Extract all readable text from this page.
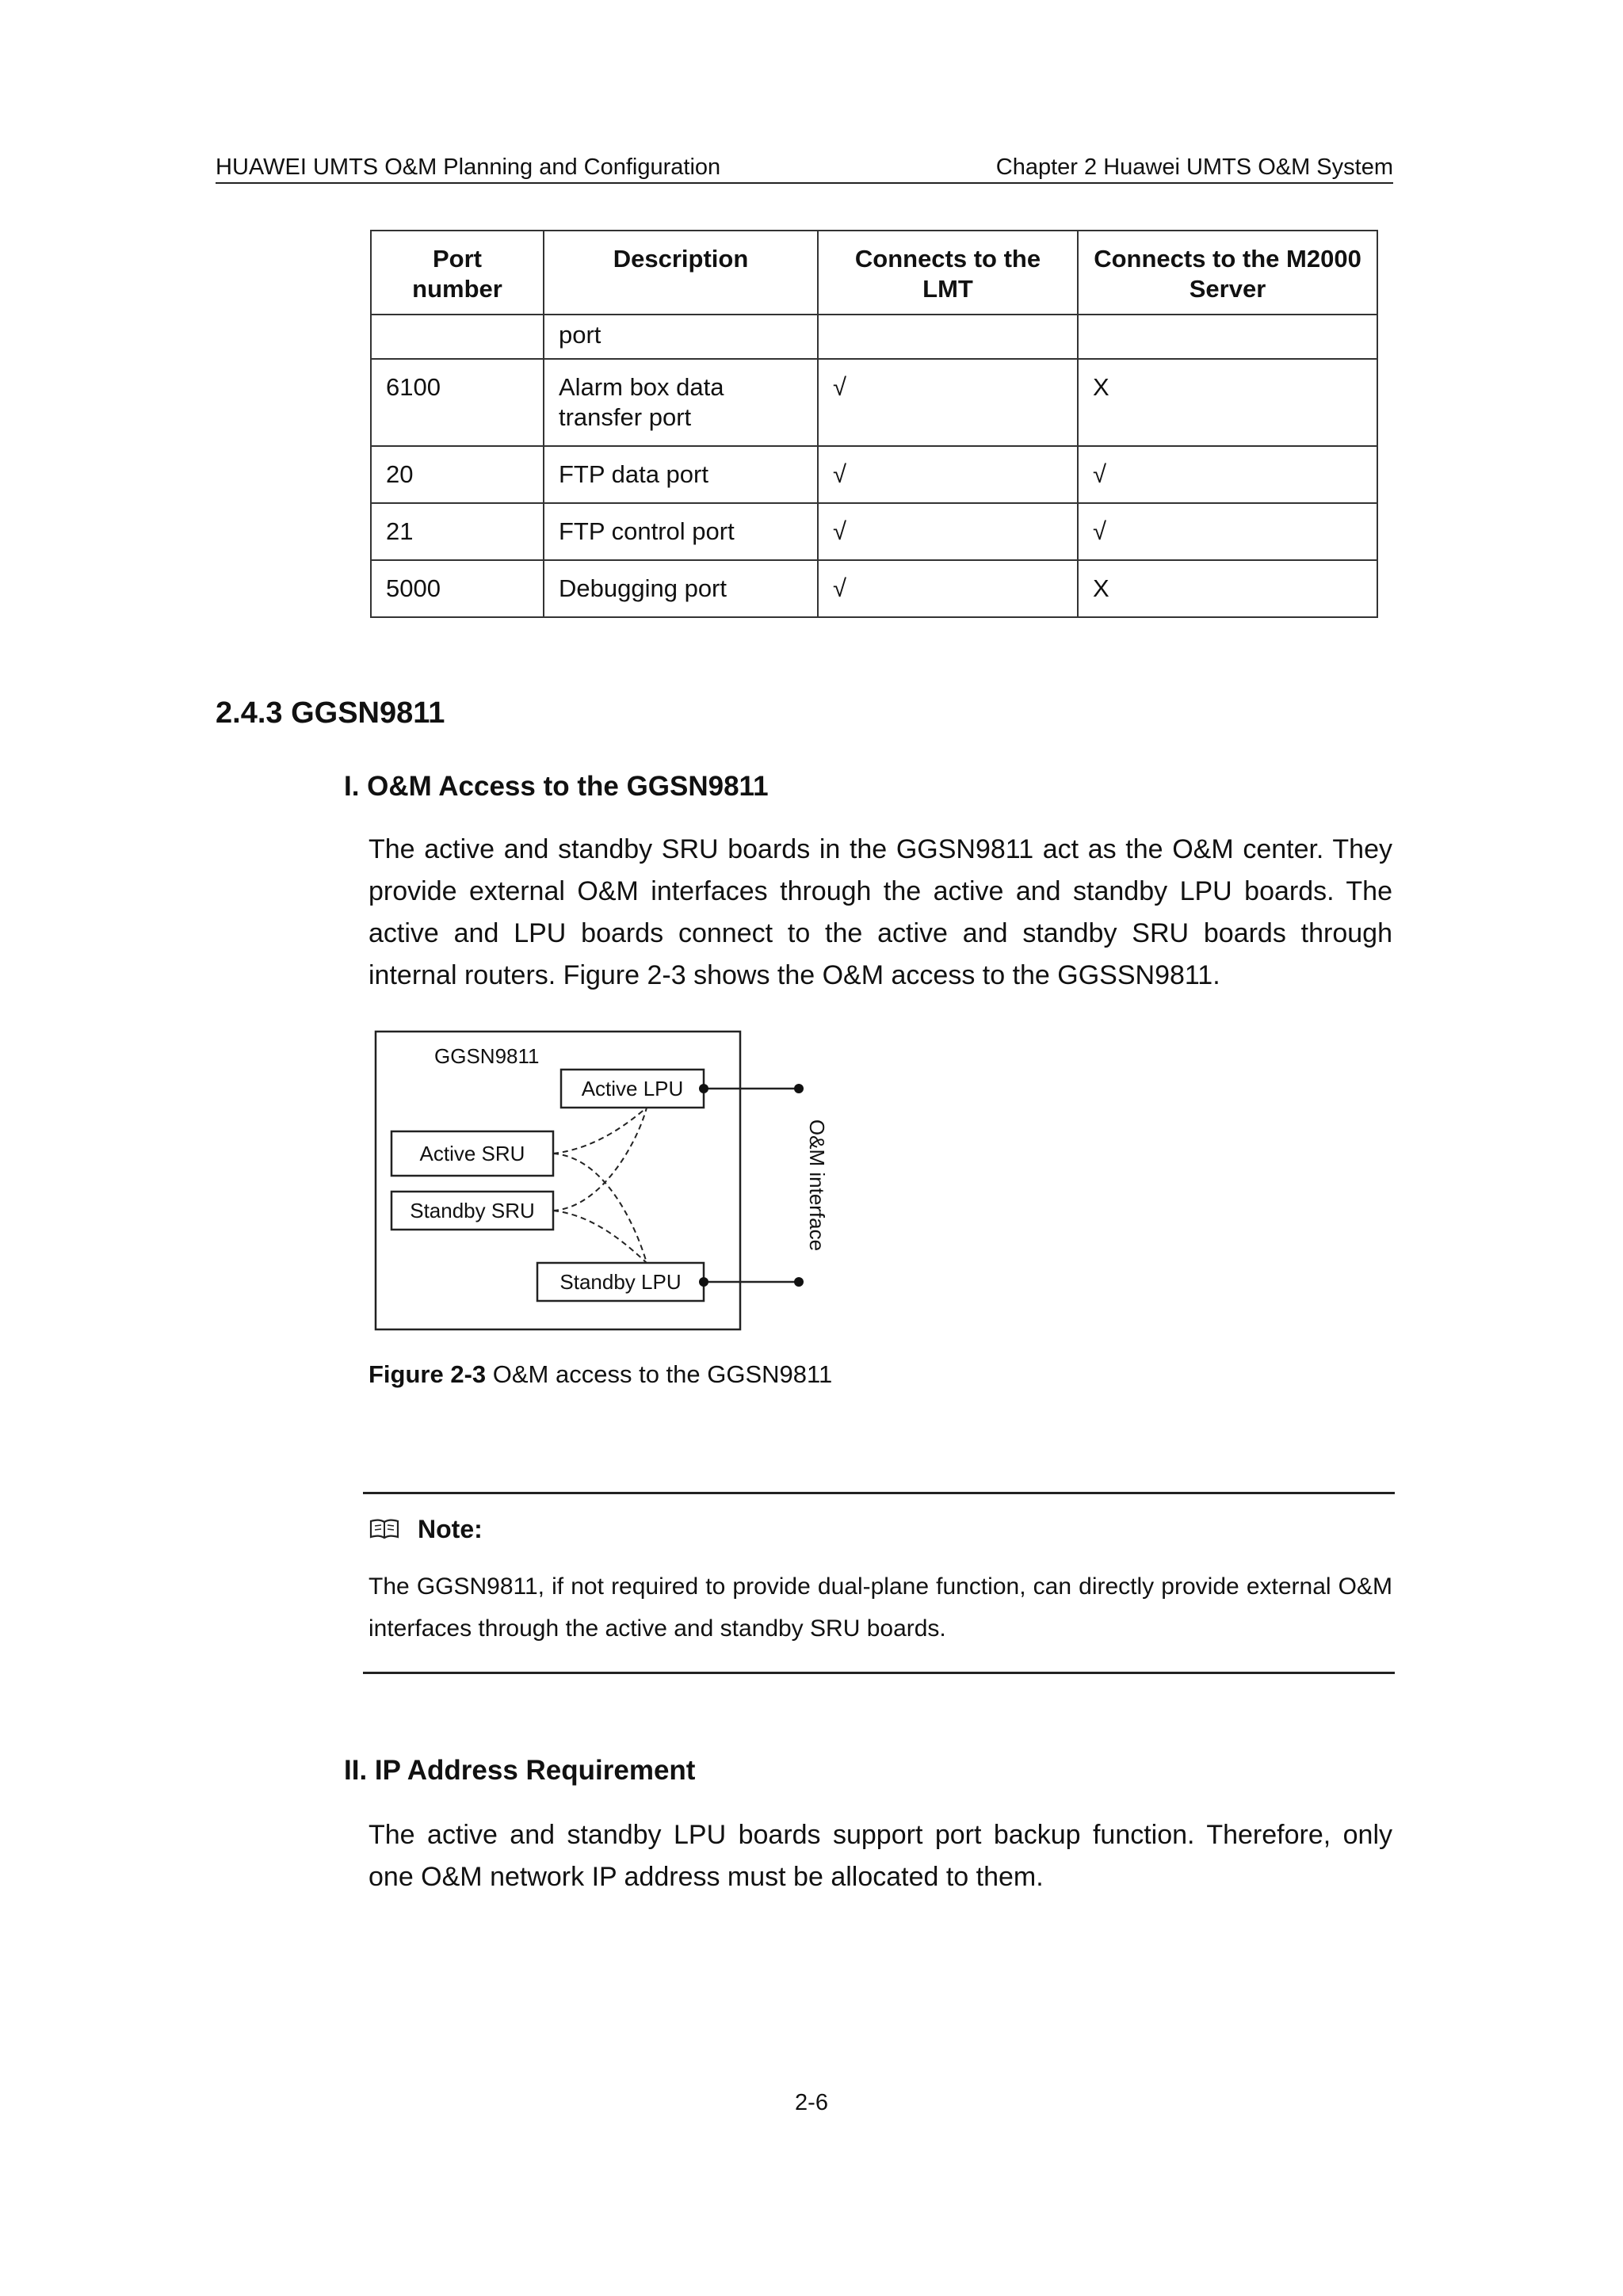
HUAWEI UMTS O&M Planning and Configuration	Chapter 2 Huawei UMTS O&M System
Port number	Description	Connects to the LMT	Connects to the M2000 Server
	port		
6100	Alarm box data transfer port	√	X
20	FTP data port	√	√
21	FTP control port	√	√
5000	Debugging port	√	X
2.4.3 GGSN9811
I. O&M Access to the GGSN9811
The active and standby SRU boards in the GGSN9811 act as the O&M center. They provide external O&M interfaces through the active and standby LPU boards. The active and LPU boards connect to the active and standby SRU boards through internal routers. Figure 2-3 shows the O&M access to the GGSSN9811.
GGSN9811
Active LPU
Active SRU
Standby SRU
Standby LPU
O&M interface
Figure 2-3 O&M access to the GGSN9811
Note:
The GGSN9811, if not required to provide dual-plane function, can directly provide external O&M interfaces through the active and standby SRU boards.
II. IP Address Requirement
The active and standby LPU boards support port backup function. Therefore, only one O&M network IP address must be allocated to them.
2-6
